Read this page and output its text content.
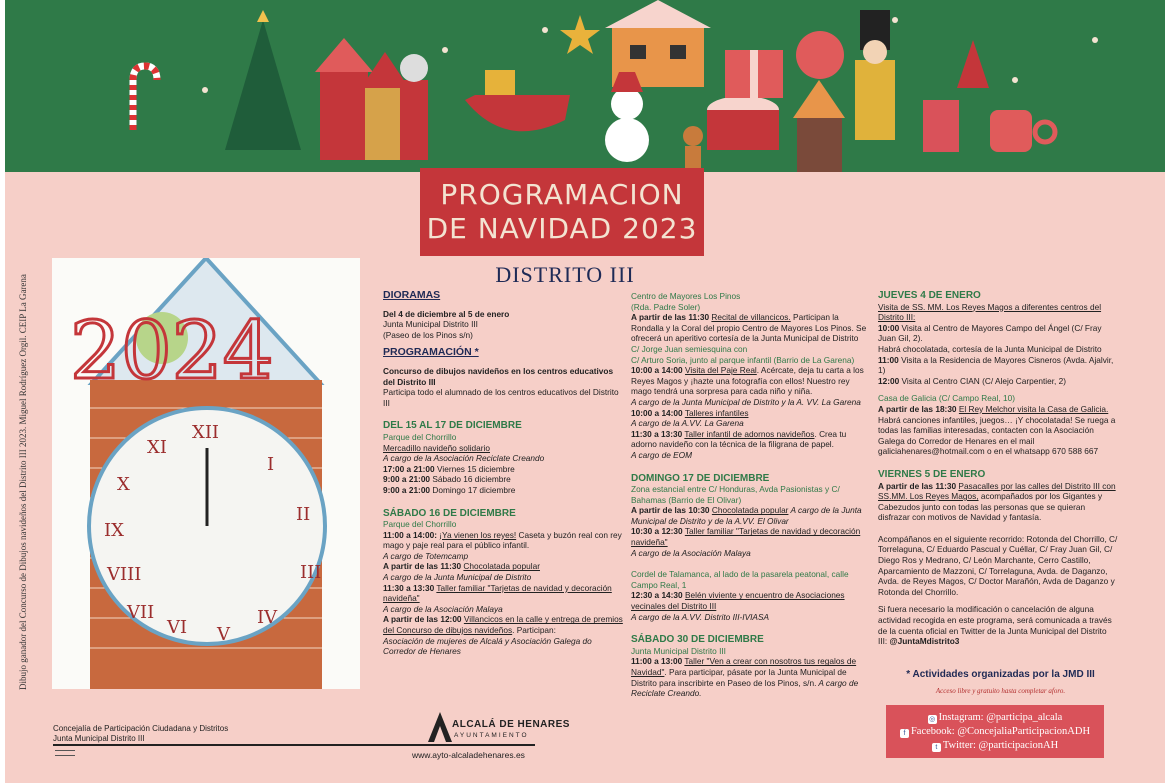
PROGRAMACION
DE NAVIDAD 2023
DISTRITO III
Dibujo ganador del Concurso de Dibujos navideños del Distrito III 2023. Miguel Rodríguez Orgil. CEIP La Garena	XII
I
II
III
IV
V
VI
VII
VIII
IX
X
XI
2024
DIORAMAS
Del 4 de diciembre al 5 de enero
Junta Municipal Distrito III
(Paseo de los Pinos s/n)
PROGRAMACIÓN *
Concurso de dibujos navideños en los centros educativos del Distrito III
Participa todo el alumnado de los centros educativos del Distrito III
DEL 15 AL 17 DE DICIEMBRE
Parque del Chorrillo
Mercadillo navideño solidario
A cargo de la Asociación Reciclate Creando
17:00 a 21:00 Viernes 15 diciembre
9:00 a 21:00 Sábado 16 diciembre
9:00 a 21:00 Domingo 17 diciembre
SÁBADO 16 DE DICIEMBRE
Parque del Chorrillo
11:00 a 14:00: ¡Ya vienen los reyes! Caseta y buzón real con rey mago y paje real para el público infantil.
A cargo de Totemcamp
A partir de las 11:30 Chocolatada popular
A cargo de la Junta Municipal de Distrito
11:30 a 13:30 Taller familiar "Tarjetas de navidad y decoración navideña"
A cargo de la Asociación Malaya
A partir de las 12:00 Villancicos en la calle y entrega de premios del Concurso de dibujos navideños. Participan:
Asociación de mujeres de Alcalá y Asociación Galega do Corredor de Henares
Centro de Mayores Los Pinos
(Rda. Padre Soler)
A partir de las 11:30 Recital de villancicos. Participan la Rondalla y la Coral del propio Centro de Mayores Los Pinos. Se ofrecerá un aperitivo cortesía de la Junta Municipal de Distrito
C/ Jorge Juan semiesquina con
C/ Arturo Soria, junto al parque infantil (Barrio de La Garena)
10:00 a 14:00 Visita del Paje Real. Acércate, deja tu carta a los Reyes Magos y ¡hazte una fotografía con ellos! Nuestro rey mago tendrá una sorpresa para cada niño y niña.
A cargo de la Junta Municipal de Distrito y la A. VV. La Garena
10:00 a 14:00 Talleres infantiles
A cargo de la A.VV. La Garena
11:30 a 13:30 Taller infantil de adornos navideños. Crea tu adorno navideño con la técnica de la filigrana de papel.
A cargo de EOM
DOMINGO 17 DE DICIEMBRE
Zona estancial entre C/ Honduras, Avda Pasionistas y C/ Bahamas (Barrio de El Olivar)
A partir de las 10:30 Chocolatada popular A cargo de la Junta Municipal de Distrito y de la A.VV. El Olivar
10:30 a 12:30 Taller familiar "Tarjetas de navidad y decoración navideña"
A cargo de la Asociación Malaya
Cordel de Talamanca, al lado de la pasarela peatonal, calle Campo Real, 1
12:30 a 14:30 Belén viviente y encuentro de Asociaciones vecinales del Distrito III
A cargo de la A.VV. Distrito III-IVIASA
SÁBADO 30 DE DICIEMBRE
Junta Municipal Distrito III
11:00 a 13:00 Taller "Ven a crear con nosotros tus regalos de Navidad". Para participar, pásate por la Junta Municipal de Distrito para inscribirte en Paseo de los Pinos, s/n. A cargo de Reciclate Creando.
JUEVES 4 DE ENERO
Visita de SS. MM. Los Reyes Magos a diferentes centros del Distrito III:
10:00 Visita al Centro de Mayores Campo del Ángel (C/ Fray Juan Gil, 2).
Habrá chocolatada, cortesía de la Junta Municipal de Distrito
11:00 Visita a la Residencia de Mayores Cisneros (Avda. Ajalvir, 1)
12:00 Visita al Centro CIAN (C/ Alejo Carpentier, 2)
Casa de Galicia (C/ Campo Real, 10)
A partir de las 18:30 El Rey Melchor visita la Casa de Galicia. Habrá canciones infantiles, juegos… ¡Y chocolatada! Se ruega a todas las familias interesadas, contacten con la Asociación Galega do Corredor de Henares en el mail galiciahenares@hotmail.com o en el whatsapp 670 588 667
VIERNES 5 DE ENERO
A partir de las 11:30 Pasacalles por las calles del Distrito III con SS.MM. Los Reyes Magos, acompañados por los Gigantes y Cabezudos junto con todas las personas que se quieran disfrazar con motivos de Navidad y fantasía.
Acompáñanos en el siguiente recorrido: Rotonda del Chorrillo, C/ Torrelaguna, C/ Eduardo Pascual y Cuéllar, C/ Fray Juan Gil, C/ Diego Ros y Medrano, C/ León Marchante, Cerro Castillo, Aparcamiento de Mazzoni, C/ Torrelaguna, Avda. de Daganzo, Avda. de Reyes Magos, C/ Doctor Marañón, Avda de Daganzo y Rotonda del Chorrillo.
Si fuera necesario la modificación o cancelación de alguna actividad recogida en este programa, será comunicada a través de la cuenta oficial en Twitter de la Junta Municipal del Distrito III: @JuntaMdistrito3
* Actividades organizadas por la JMD III
Acceso libre y gratuito hasta completar aforo.
◎ Instagram: @participa_alcala
f Facebook: @ConcejaliaParticipacionADH
t Twitter: @participacionAH
Concejalía de Participación Ciudadana y Distritos
Junta Municipal Distrito III
ALCALÁ DE HENARES
AYUNTAMIENTO
www.ayto-alcaladehenares.es
